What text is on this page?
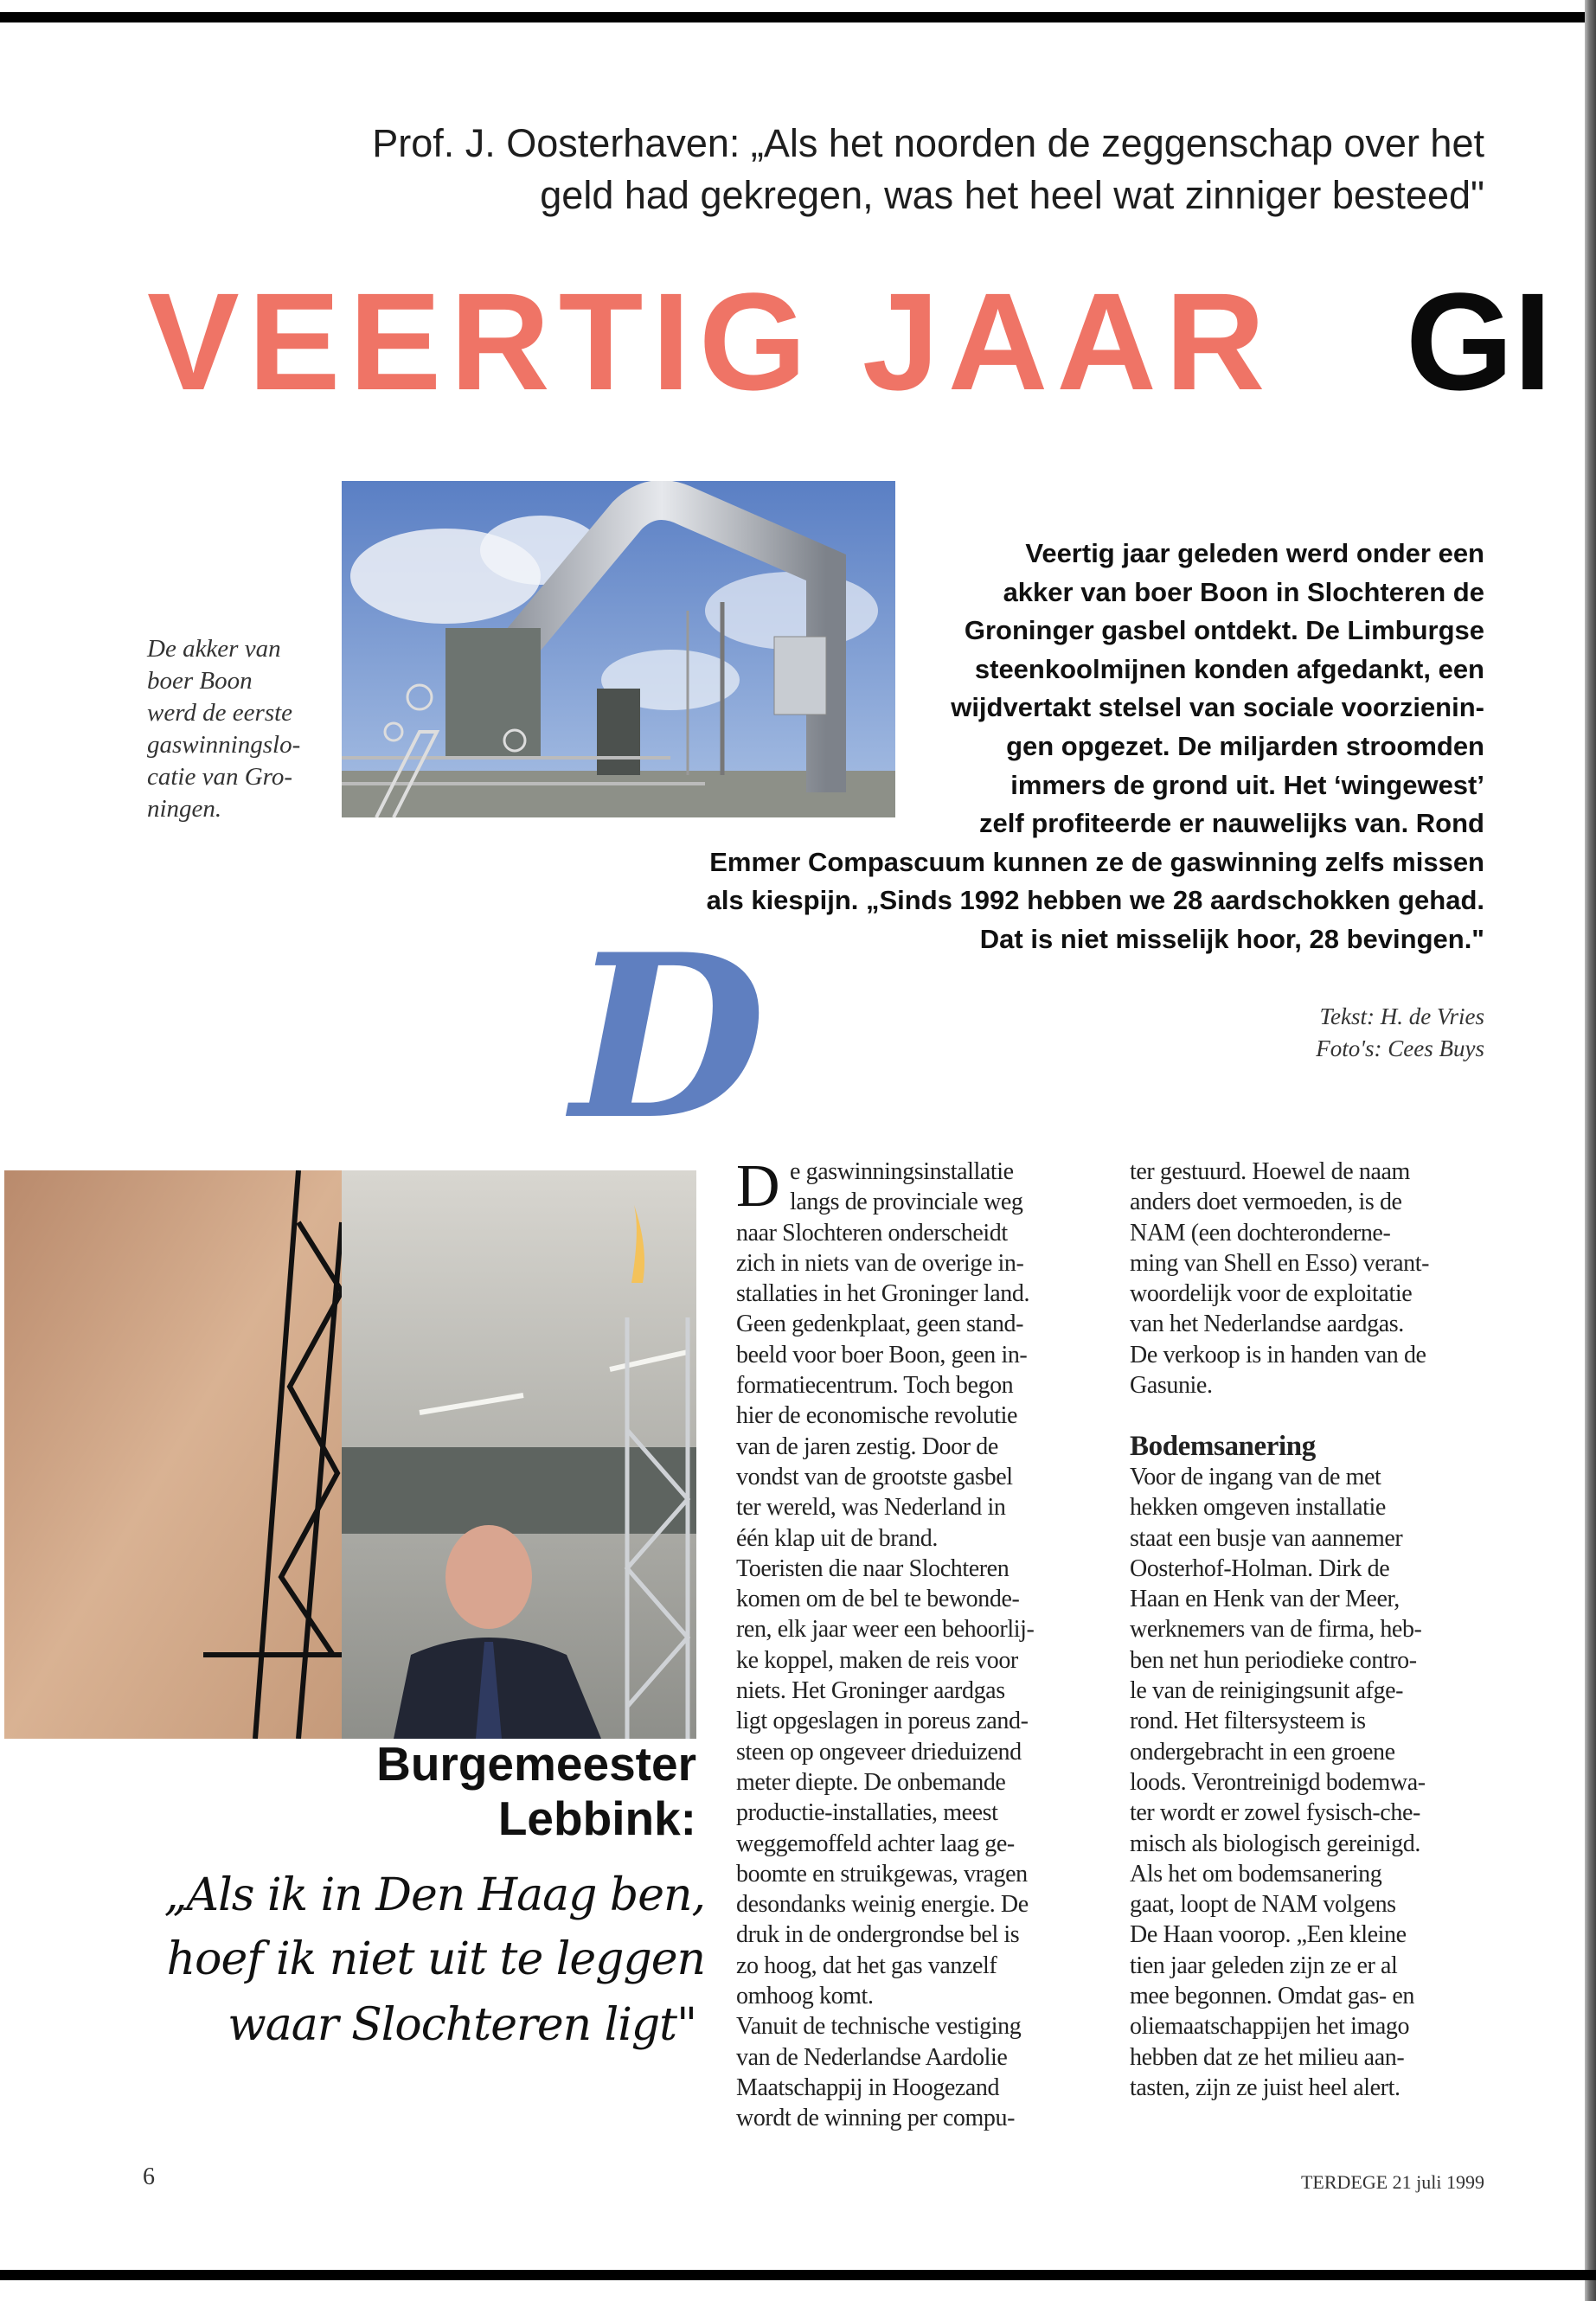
Prof. J. Oosterhaven: „Als het noorden de zeggenschap over het
geld had gekregen, was het heel wat zinniger besteed"
VEERTIG JAAR GI
De akker van
boer Boon
werd de eerste
gaswinningslo-
catie van Gro-
ningen.
Veertig jaar geleden werd onder een
akker van boer Boon in Slochteren de
Groninger gasbel ontdekt. De Limburgse
steenkoolmijnen konden afgedankt, een
wijdvertakt stelsel van sociale voorzienin-
gen opgezet. De miljarden stroomden
immers de grond uit. Het ‘wingewest’
zelf profiteerde er nauwelijks van. Rond
Emmer Compascuum kunnen ze de gaswinning zelfs missen
als kiespijn. „Sinds 1992 hebben we 28 aardschokken gehad.
Dat is niet misselijk hoor, 28 bevingen."
Tekst: H. de Vries
Foto's: Cees Buys
D
Burgemeester
Lebbink:
„Als ik in Den Haag ben,
hoef ik niet uit te leggen
waar Slochteren ligt"
D e gaswinningsinstallatie
langs de provinciale weg
naar Slochteren onderscheidt
zich in niets van de overige in-
stallaties in het Groninger land.
Geen gedenkplaat, geen stand-
beeld voor boer Boon, geen in-
formatiecentrum. Toch begon
hier de economische revolutie
van de jaren zestig. Door de
vondst van de grootste gasbel
ter wereld, was Nederland in
één klap uit de brand.
Toeristen die naar Slochteren
komen om de bel te bewonde-
ren, elk jaar weer een behoorlij-
ke koppel, maken de reis voor
niets. Het Groninger aardgas
ligt opgeslagen in poreus zand-
steen op ongeveer drieduizend
meter diepte. De onbemande
productie-installaties, meest
weggemoffeld achter laag ge-
boomte en struikgewas, vragen
desondanks weinig energie. De
druk in de ondergrondse bel is
zo hoog, dat het gas vanzelf
omhoog komt.
Vanuit de technische vestiging
van de Nederlandse Aardolie
Maatschappij in Hoogezand
wordt de winning per compu-
ter gestuurd. Hoewel de naam
anders doet vermoeden, is de
NAM (een dochteronderne-
ming van Shell en Esso) verant-
woordelijk voor de exploitatie
van het Nederlandse aardgas.
De verkoop is in handen van de
Gasunie.
Bodemsanering
Voor de ingang van de met
hekken omgeven installatie
staat een busje van aannemer
Oosterhof-Holman. Dirk de
Haan en Henk van der Meer,
werknemers van de firma, heb-
ben net hun periodieke contro-
le van de reinigingsunit afge-
rond. Het filtersysteem is
ondergebracht in een groene
loods. Verontreinigd bodemwa-
ter wordt er zowel fysisch-che-
misch als biologisch gereinigd.
Als het om bodemsanering
gaat, loopt de NAM volgens
De Haan voorop. „Een kleine
tien jaar geleden zijn ze er al
mee begonnen. Omdat gas- en
oliemaatschappijen het imago
hebben dat ze het milieu aan-
tasten, zijn ze juist heel alert.
6	TERDEGE 21 juli 1999
